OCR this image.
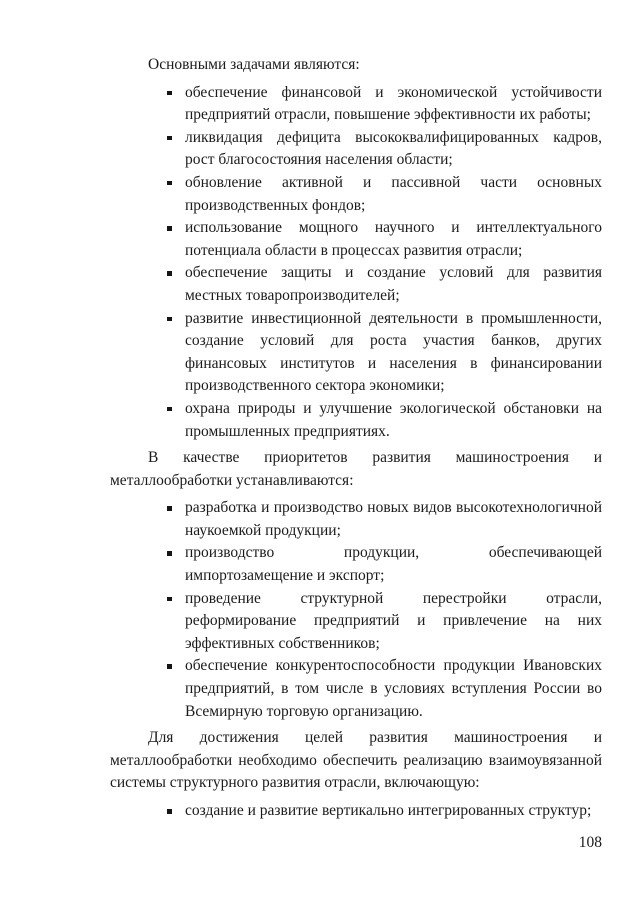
Основными задачами являются:

обеспечение финансовой и экономической устойчивости предприятий отрасли, повышение эффективности их работы;
ликвидация дефицита высококвалифицированных кадров, рост благосостояния населения области;
обновление активной и пассивной части основных производственных фондов;
использование мощного научного и интеллектуального потенциала области в процессах развития отрасли;
обеспечение защиты и создание условий для развития местных товаропроизводителей;
развитие инвестиционной деятельности в промышленности, создание условий для роста участия банков, других финансовых институтов и населения в финансировании производственного сектора экономики;
охрана природы и улучшение экологической обстановки на промышленных предприятиях.

В качестве приоритетов развития машиностроения и металлообработки устанавливаются:

разработка и производство новых видов высокотехнологичной наукоемкой продукции;
производство продукции, обеспечивающей импортозамещение и экспорт;
проведение структурной перестройки отрасли, реформирование предприятий и привлечение на них эффективных собственников;
обеспечение конкурентоспособности продукции Ивановских предприятий, в том числе в условиях вступления России во Всемирную торговую организацию.

Для достижения целей развития машиностроения и металлообработки необходимо обеспечить реализацию взаимоувязанной системы структурного развития отрасли, включающую:

создание и развитие вертикально интегрированных структур;
108
